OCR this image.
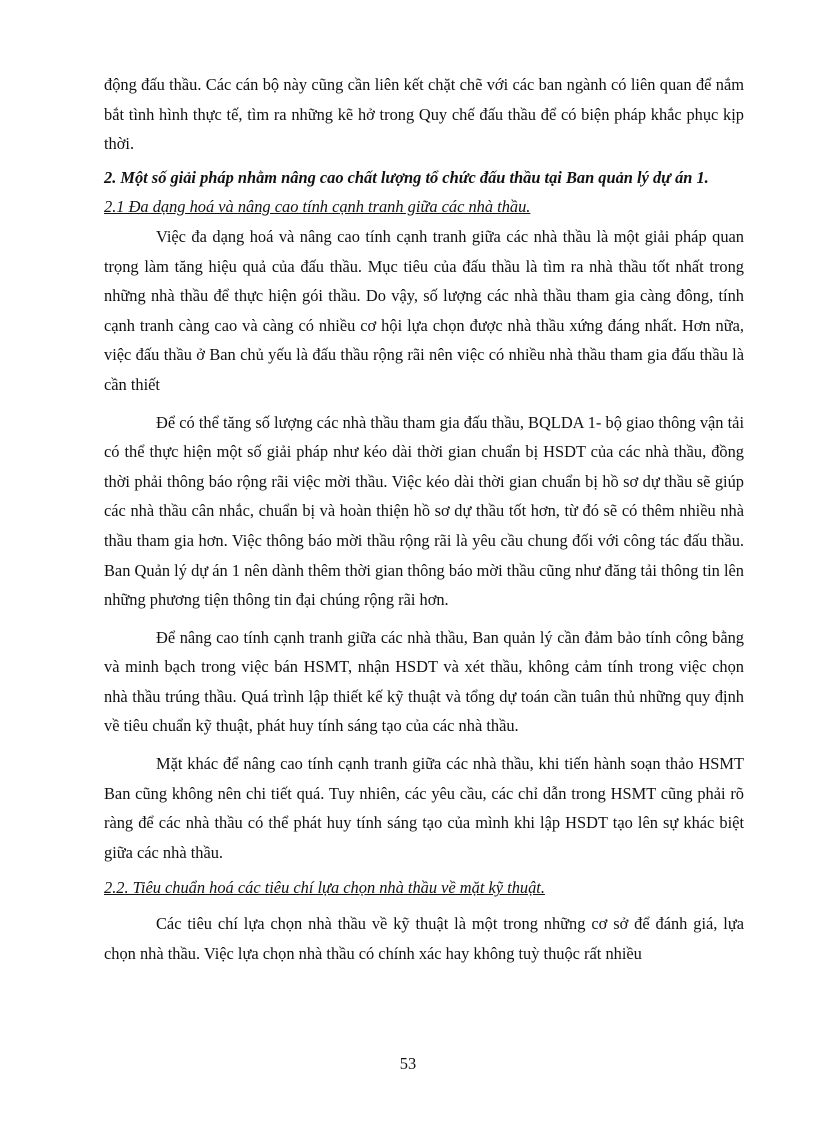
động đấu thầu. Các cán bộ này cũng cần liên kết chặt chẽ với các ban ngành có liên quan để nắm bắt tình hình thực tế, tìm ra những kẽ hở trong Quy chế đấu thầu để có biện pháp khắc phục kịp thời.

2. Một số giải pháp nhằm nâng cao chất lượng tổ chức đấu thầu tại Ban quản lý dự án 1.

2.1 Đa dạng hoá và nâng cao tính cạnh tranh giữa các nhà thầu.

Việc đa dạng hoá và nâng cao tính cạnh tranh giữa các nhà thầu là một giải pháp quan trọng làm tăng hiệu quả của đấu thầu. Mục tiêu của đấu thầu là tìm ra nhà thầu tốt nhất trong những nhà thầu để thực hiện gói thầu. Do vậy, số lượng các nhà thầu tham gia càng đông, tính cạnh tranh càng cao và càng có nhiều cơ hội lựa chọn được nhà thầu xứng đáng nhất. Hơn nữa, việc đấu thầu ở Ban chủ yếu là đấu thầu rộng rãi nên việc có nhiều nhà thầu tham gia đấu thầu là cần thiết

Để có thể tăng số lượng các nhà thầu tham gia đấu thầu, BQLDA 1- bộ giao thông vận tải có thể thực hiện một số giải pháp như kéo dài thời gian chuẩn bị HSDT của các nhà thầu, đồng thời phải thông báo rộng rãi việc mời thầu. Việc kéo dài thời gian chuẩn bị hồ sơ dự thầu sẽ giúp các nhà thầu cân nhắc, chuẩn bị và hoàn thiện hồ sơ dự thầu tốt hơn, từ đó sẽ có thêm nhiều nhà thầu tham gia hơn. Việc thông báo mời thầu rộng rãi là yêu cầu chung đối với công tác đấu thầu. Ban Quản lý dự án 1 nên dành thêm thời gian thông báo mời thầu cũng như đăng tải thông tin lên những phương tiện thông tin đại chúng rộng rãi hơn.

Để nâng cao tính cạnh tranh giữa các nhà thầu, Ban quản lý cần đảm bảo tính công bằng và minh bạch trong việc bán HSMT, nhận HSDT và xét thầu, không cảm tính trong việc chọn nhà thầu trúng thầu. Quá trình lập thiết kế kỹ thuật và tổng dự toán cần tuân thủ những quy định về tiêu chuẩn kỹ thuật, phát huy tính sáng tạo của các nhà thầu.

Mặt khác để nâng cao tính cạnh tranh giữa các nhà thầu, khi tiến hành soạn thảo HSMT Ban cũng không nên chi tiết quá. Tuy nhiên, các yêu cầu, các chỉ dẫn trong HSMT cũng phải rõ ràng để các nhà thầu có thể phát huy tính sáng tạo của mình khi lập HSDT tạo lên sự khác biệt giữa các nhà thầu.

2.2. Tiêu chuẩn hoá các tiêu chí lựa chọn nhà thầu về mặt kỹ thuật.

Các tiêu chí lựa chọn nhà thầu về kỹ thuật là một trong những cơ sở để đánh giá, lựa chọn nhà thầu. Việc lựa chọn nhà thầu có chính xác hay không tuỳ thuộc rất nhiều

53
